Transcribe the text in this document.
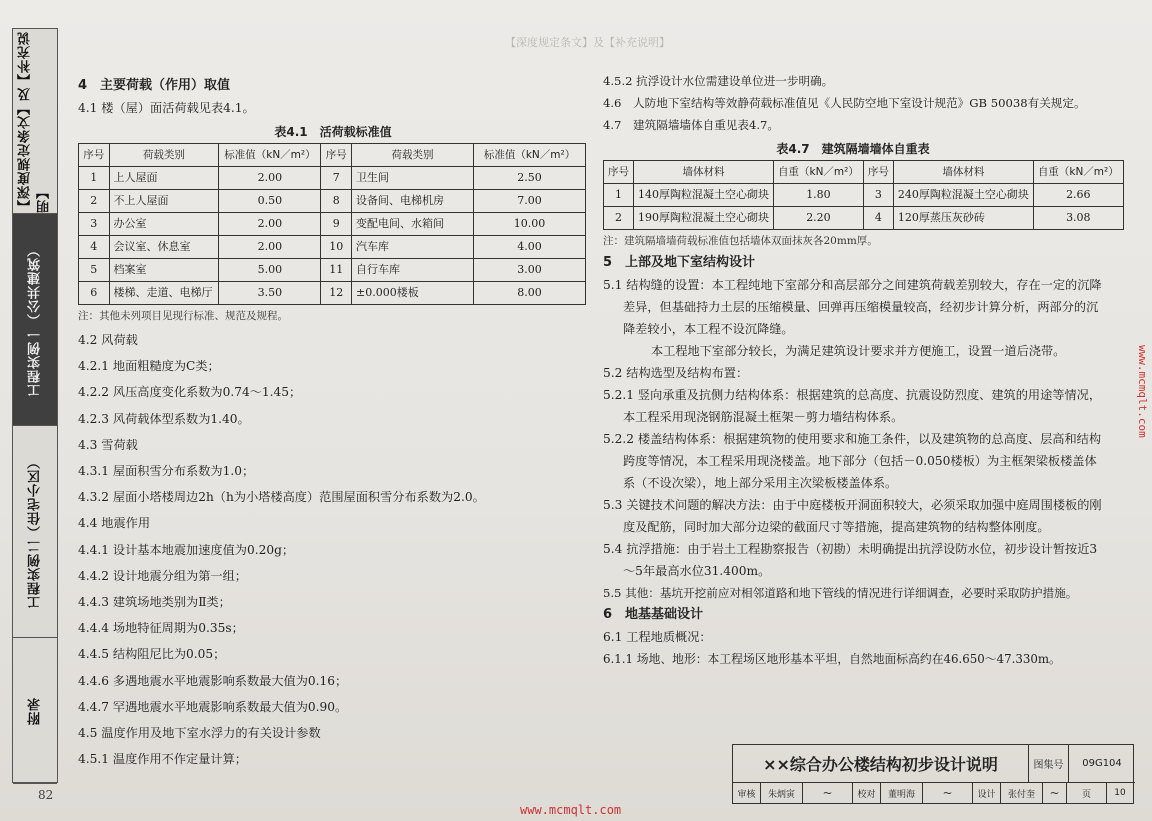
【深度规定条文】及【补充说明】
【深度规定条文】及【补充说明】
工程实例一（公共建筑）
工程实例二（住宅小区）
附录
4　主要荷载（作用）取值
4.1 楼（屋）面活荷载见表4.1。
表4.1　活荷载标准值
序号	荷载类别	标准值（kN／m²）	序号	荷载类别	标准值（kN／m²）
1	上人屋面	2.00	7	卫生间	2.50
2	不上人屋面	0.50	8	设备间、电梯机房	7.00
3	办公室	2.00	9	变配电间、水箱间	10.00
4	会议室、休息室	2.00	10	汽车库	4.00
5	档案室	5.00	11	自行车库	3.00
6	楼梯、走道、电梯厅	3.50	12	±0.000楼板	8.00
注：其他未列项目见现行标准、规范及规程。
4.2 风荷载
4.2.1 地面粗糙度为C类；
4.2.2 风压高度变化系数为0.74～1.45；
4.2.3 风荷载体型系数为1.40。
4.3 雪荷载
4.3.1 屋面积雪分布系数为1.0；
4.3.2 屋面小塔楼周边2h（h为小塔楼高度）范围屋面积雪分布系数为2.0。
4.4 地震作用
4.4.1 设计基本地震加速度值为0.20g；
4.4.2 设计地震分组为第一组；
4.4.3 建筑场地类别为Ⅱ类；
4.4.4 场地特征周期为0.35s；
4.4.5 结构阻尼比为0.05；
4.4.6 多遇地震水平地震影响系数最大值为0.16；
4.4.7 罕遇地震水平地震影响系数最大值为0.90。
4.5 温度作用及地下室水浮力的有关设计参数
4.5.1 温度作用不作定量计算；
4.5.2 抗浮设计水位需建设单位进一步明确。
4.6　人防地下室结构等效静荷载标准值见《人民防空地下室设计规范》GB 50038有关规定。
4.7　建筑隔墙墙体自重见表4.7。
表4.7　建筑隔墙墙体自重表
序号	墙体材料	自重（kN／m²）	序号	墙体材料	自重（kN／m²）
1	140厚陶粒混凝土空心砌块	1.80	3	240厚陶粒混凝土空心砌块	2.66
2	190厚陶粒混凝土空心砌块	2.20	4	120厚蒸压灰砂砖	3.08
注：建筑隔墙墙荷载标准值包括墙体双面抹灰各20mm厚。
5　上部及地下室结构设计
5.1 结构缝的设置：本工程纯地下室部分和高层部分之间建筑荷载差别较大，存在一定的沉降差异，但基础持力土层的压缩模量、回弹再压缩模量较高，经初步计算分析，两部分的沉降差较小，本工程不设沉降缝。
本工程地下室部分较长，为满足建筑设计要求并方便施工，设置一道后浇带。
5.2 结构选型及结构布置：
5.2.1 竖向承重及抗侧力结构体系：根据建筑的总高度、抗震设防烈度、建筑的用途等情况，本工程采用现浇钢筋混凝土框架－剪力墙结构体系。
5.2.2 楼盖结构体系：根据建筑物的使用要求和施工条件，以及建筑物的总高度、层高和结构跨度等情况，本工程采用现浇楼盖。地下部分（包括－0.050楼板）为主框架梁板楼盖体系（不设次梁），地上部分采用主次梁板楼盖体系。
5.3 关键技术问题的解决方法：由于中庭楼板开洞面积较大，必须采取加强中庭周围楼板的刚度及配筋，同时加大部分边梁的截面尺寸等措施，提高建筑物的结构整体刚度。
5.4 抗浮措施：由于岩土工程勘察报告（初勘）未明确提出抗浮设防水位，初步设计暂按近3～5年最高水位31.400m。
5.5 其他：基坑开挖前应对相邻道路和地下管线的情况进行详细调查，必要时采取防护措施。
6　地基基础设计
6.1 工程地质概况：
6.1.1 场地、地形：本工程场区地形基本平坦，自然地面标高约在46.650～47.330m。
××综合办公楼结构初步设计说明	图集号	09G104
审核	朱炳寅	~	校对	董明海	~	设计	张付奎	~	页	10
82
www.mcmqlt.com
www.mcmqlt.com
